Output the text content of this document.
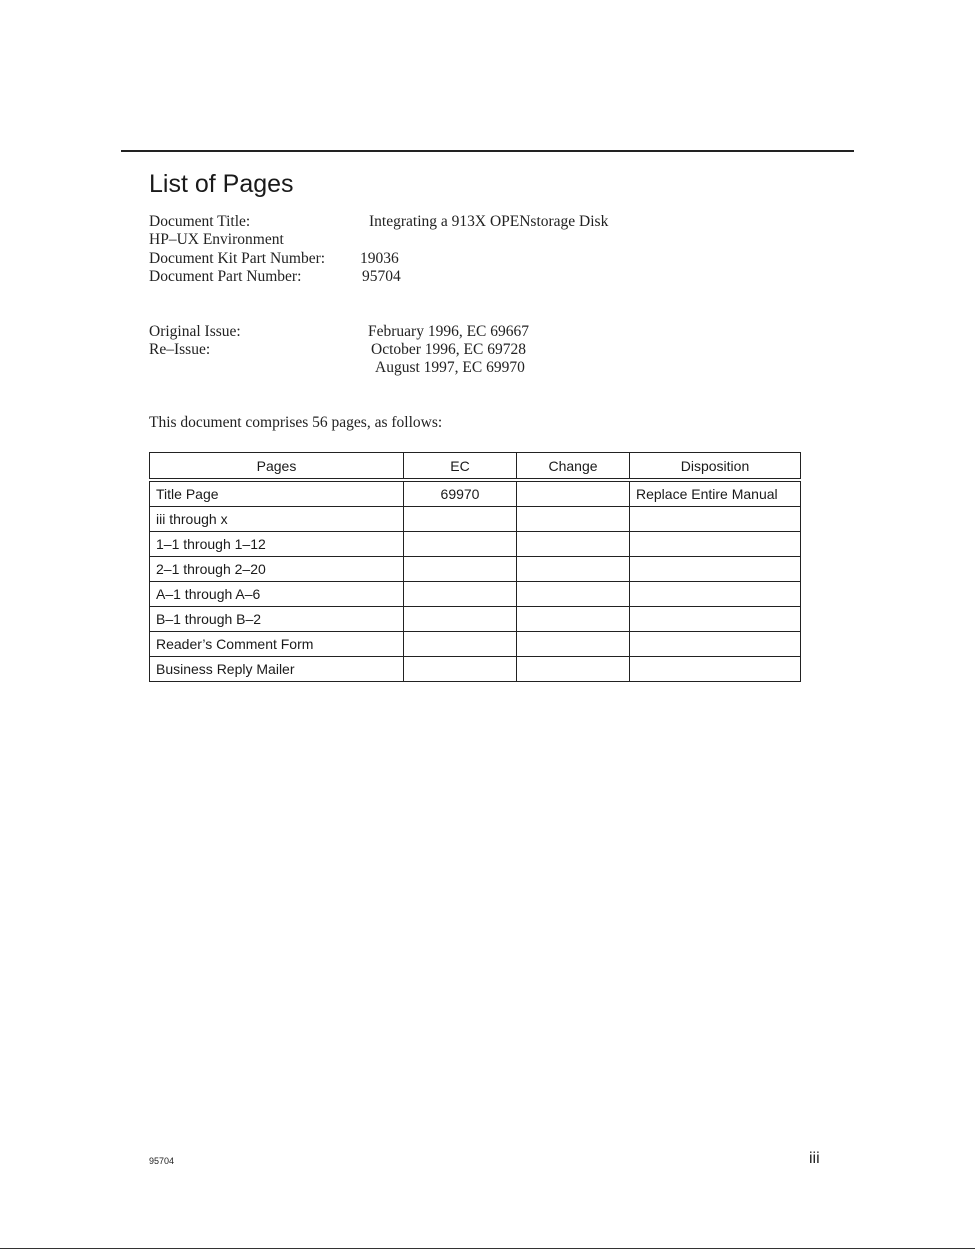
List of Pages
Document Title:	Integrating a 913X OPENstorage Disk
HP–UX Environment
Document Kit Part Number: 19036
Document Part Number:	95704
Original Issue:	February 1996, EC 69667
Re–Issue:	October 1996, EC 69728
August 1997, EC 69970
This document comprises 56 pages, as follows:
Pages	EC	Change	Disposition
Title Page	69970		Replace Entire Manual
iii through x			
1–1 through 1–12			
2–1 through 2–20			
A–1 through A–6			
B–1 through B–2			
Reader’s Comment Form			
Business Reply Mailer			
95704	iii
